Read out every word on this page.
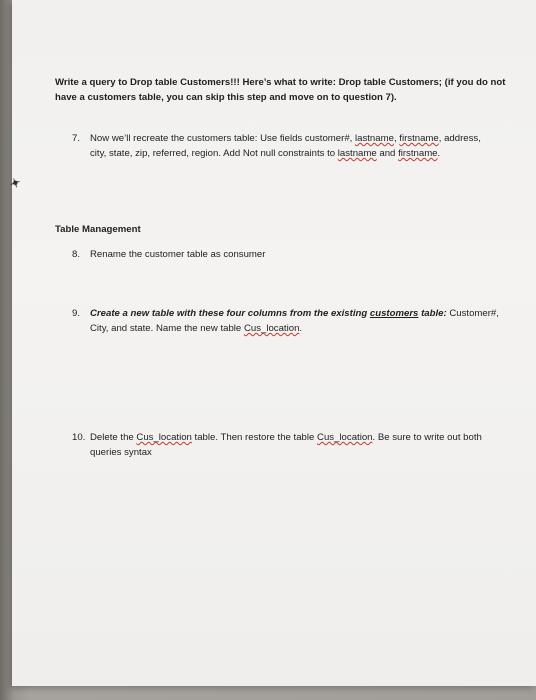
✦
Write a query to Drop table Customers!!! Here’s what to write: Drop table Customers; (if you do not
have a customers table, you can skip this step and move on to question 7).
7. Now we’ll recreate the customers table: Use fields customer#, lastname, firstname, address,
city, state, zip, referred, region. Add Not null constraints to lastname and firstname.
Table Management
8. Rename the customer table as consumer
9. Create a new table with these four columns from the existing customers table: Customer#,
City, and state. Name the new table Cus_location.
10. Delete the Cus_location table. Then restore the table Cus_location. Be sure to write out both
queries syntax
